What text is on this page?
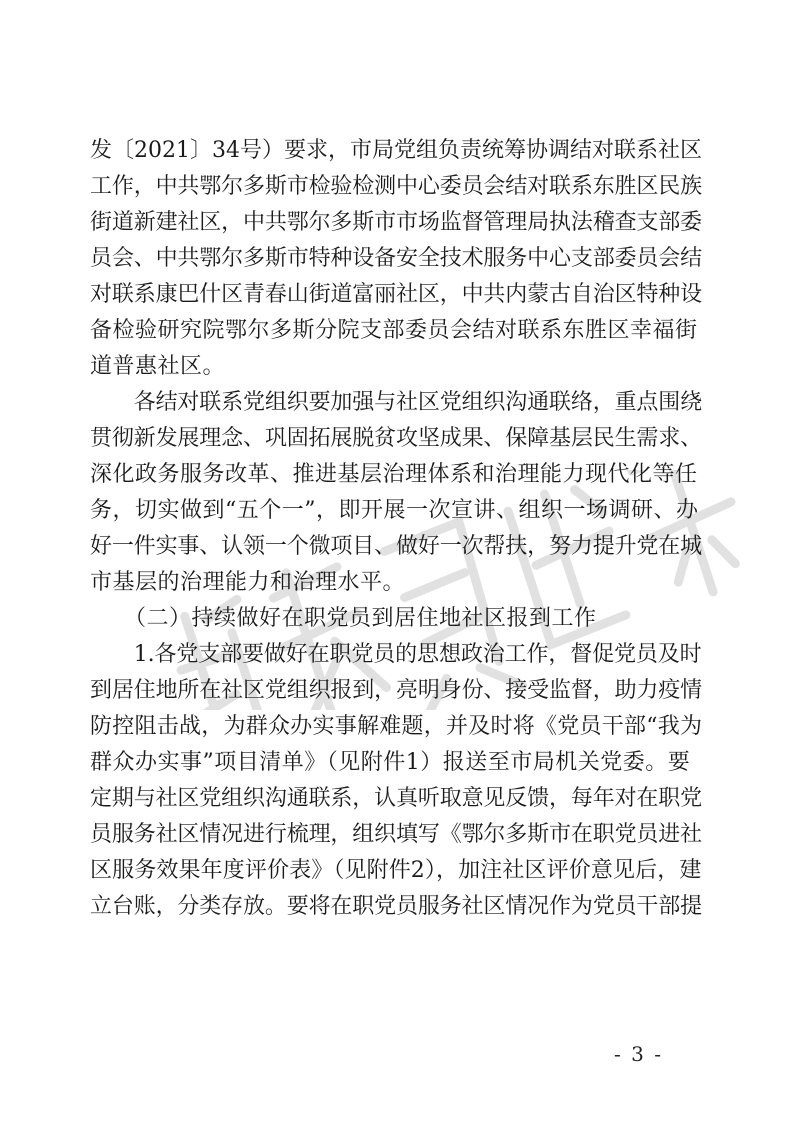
发〔2021〕34号）要求，市局党组负责统筹协调结对联系社区
工作，中共鄂尔多斯市检验检测中心委员会结对联系东胜区民族
街道新建社区，中共鄂尔多斯市市场监督管理局执法稽查支部委
员会、中共鄂尔多斯市特种设备安全技术服务中心支部委员会结
对联系康巴什区青春山街道富丽社区，中共内蒙古自治区特种设
备检验研究院鄂尔多斯分院支部委员会结对联系东胜区幸福街
道普惠社区。
　　各结对联系党组织要加强与社区党组织沟通联络，重点围绕
贯彻新发展理念、巩固拓展脱贫攻坚成果、保障基层民生需求、
深化政务服务改革、推进基层治理体系和治理能力现代化等任
务，切实做到“五个一”，即开展一次宣讲、组织一场调研、办
好一件实事、认领一个微项目、做好一次帮扶，努力提升党在城
市基层的治理能力和治理水平。
　　（二）持续做好在职党员到居住地社区报到工作
　　1.各党支部要做好在职党员的思想政治工作，督促党员及时
到居住地所在社区党组织报到，亮明身份、接受监督，助力疫情
防控阻击战，为群众办实事解难题，并及时将《党员干部“我为
群众办实事”项目清单》（见附件1）报送至市局机关党委。要
定期与社区党组织沟通联系，认真听取意见反馈，每年对在职党
员服务社区情况进行梳理，组织填写《鄂尔多斯市在职党员进社
区服务效果年度评价表》（见附件2），加注社区评价意见后，建
立台账，分类存放。要将在职党员服务社区情况作为党员干部提
- 3 -
